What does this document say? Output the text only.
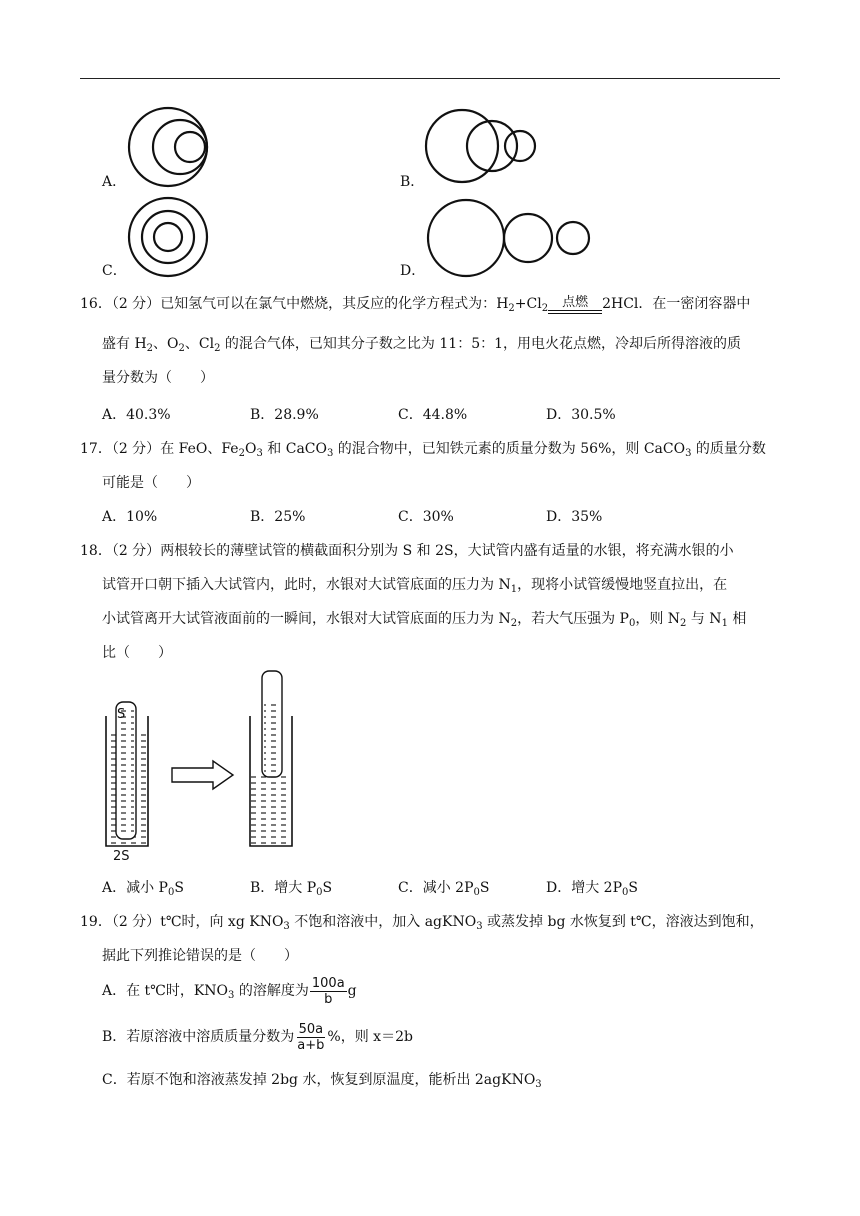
A．	B．
C．	D．
16．（2 分）已知氢气可以在氯气中燃烧，其反应的化学方程式为：$H_2+Cl_2$ 点燃 2HCl．在一密闭容器中
盛有 $H_2$、$O_2$、$Cl_2$ 的混合气体，已知其分子数之比为 11：5：1，用电火花点燃，冷却后所得溶液的质
量分数为（　　）
A．40.3%	B．28.9%	C．44.8%	D．30.5%
17．（2 分）在 FeO、$Fe_2O_3$ 和 CaCO$_3$ 的混合物中，已知铁元素的质量分数为 56%，则 CaCO$_3$ 的质量分数
可能是（　　）
A．10%	B．25%	C．30%	D．35%
18．（2 分）两根较长的薄壁试管的横截面积分别为 S 和 2S，大试管内盛有适量的水银，将充满水银的小
试管开口朝下插入大试管内，此时，水银对大试管底面的压力为 $N_1$，现将小试管缓慢地竖直拉出，在
小试管离开大试管液面前的一瞬间，水银对大试管底面的压力为 $N_2$，若大气压强为 $P_0$，则 $N_2$ 与 $N_1$ 相
比（　　）
S
2S
A．减小 $P_0S$	B．增大 $P_0S$	C．减小 $2P_0S$	D．增大 $2P_0S$
19．（2 分）t℃时，向 xg $KNO_3$ 不饱和溶液中，加入 agKNO$_3$ 或蒸发掉 bg 水恢复到 t℃，溶液达到饱和，
据此下列推论错误的是（　　）
A．在 t℃时，$KNO_3$ 的溶解度为 $\frac{100a}{b}$ g
B．若原溶液中溶质质量分数为 $\frac{50a}{a+b}$ %，则 x＝2b
C．若原不饱和溶液蒸发掉 2bg 水，恢复到原温度，能析出 2agKNO$_3$
